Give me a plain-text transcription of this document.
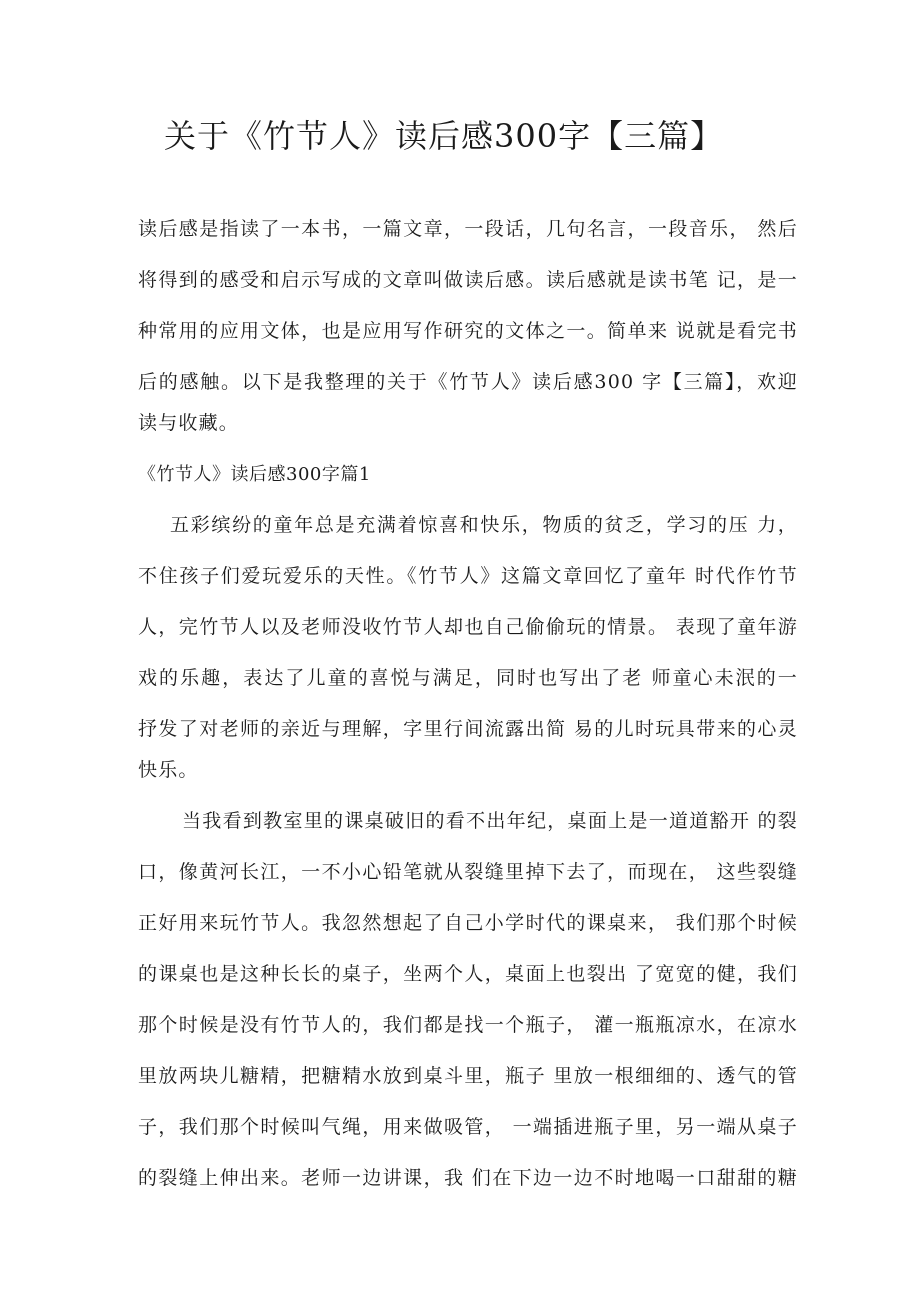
关于《竹节人》读后感300字【三篇】
读后感是指读了一本书，一篇文章，一段话，几句名言，一段音乐， 然后
将得到的感受和启示写成的文章叫做读后感。读后感就是读书笔 记，是一
种常用的应用文体，也是应用写作研究的文体之一。简单来 说就是看完书
后的感触。以下是我整理的关于《竹节人》读后感300 字【三篇】，欢迎
读与收藏。
《竹节人》读后感300字篇1
五彩缤纷的童年总是充满着惊喜和快乐，物质的贫乏，学习的压 力，
不住孩子们爱玩爱乐的天性。《竹节人》这篇文章回忆了童年 时代作竹节
人，完竹节人以及老师没收竹节人却也自己偷偷玩的情景。 表现了童年游
戏的乐趣，表达了儿童的喜悦与满足，同时也写出了老 师童心未泯的一
抒发了对老师的亲近与理解，字里行间流露出简 易的儿时玩具带来的心灵
快乐。
当我看到教室里的课桌破旧的看不出年纪，桌面上是一道道豁开 的裂
口，像黄河长江，一不小心铅笔就从裂缝里掉下去了，而现在， 这些裂缝
正好用来玩竹节人。我忽然想起了自己小学时代的课桌来， 我们那个时候
的课桌也是这种长长的桌子，坐两个人，桌面上也裂出 了宽宽的健，我们
那个时候是没有竹节人的，我们都是找一个瓶子， 灌一瓶瓶凉水，在凉水
里放两块儿糖精，把糖精水放到桌斗里，瓶子 里放一根细细的、透气的管
子，我们那个时候叫气绳，用来做吸管， 一端插进瓶子里，另一端从桌子
的裂缝上伸出来。老师一边讲课，我 们在下边一边不时地喝一口甜甜的糖
